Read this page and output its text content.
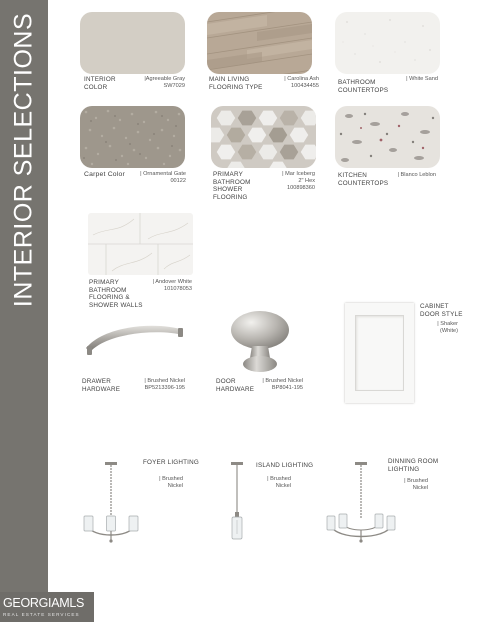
INTERIOR SELECTIONS	INTERIOR
COLOR
|Agreeable Gray
SW7029
MAIN LIVING
FLOORING TYPE
| Carolina Ash
100434455	BATHROOM
COUNTERTOPS
| White Sand
Carpet Color	| Ornamental Gate
00122
PRIMARY
BATHROOM
SHOWER
FLOORING
| Mar Iceberg
2" Hex
100898360
KITCHEN
COUNTERTOPS
| Blanco Leblon
PRIMARY
BATHROOM
FLOORING &
SHOWER WALLS
| Andover White
101078053
DRAWER
HARDWARE
| Brushed Nickel
BP5213396-195
DOOR
HARDWARE
| Brushed Nickel
BP8041-195
CABINET
DOOR STYLE
| Shaker
(White)
FOYER LIGHTING
| Brushed
Nickel
ISLAND LIGHTING
| Brushed
Nickel
DINNING ROOM
LIGHTING
| Brushed
Nickel
GEORGIAMLS
REAL ESTATE SERVICES
